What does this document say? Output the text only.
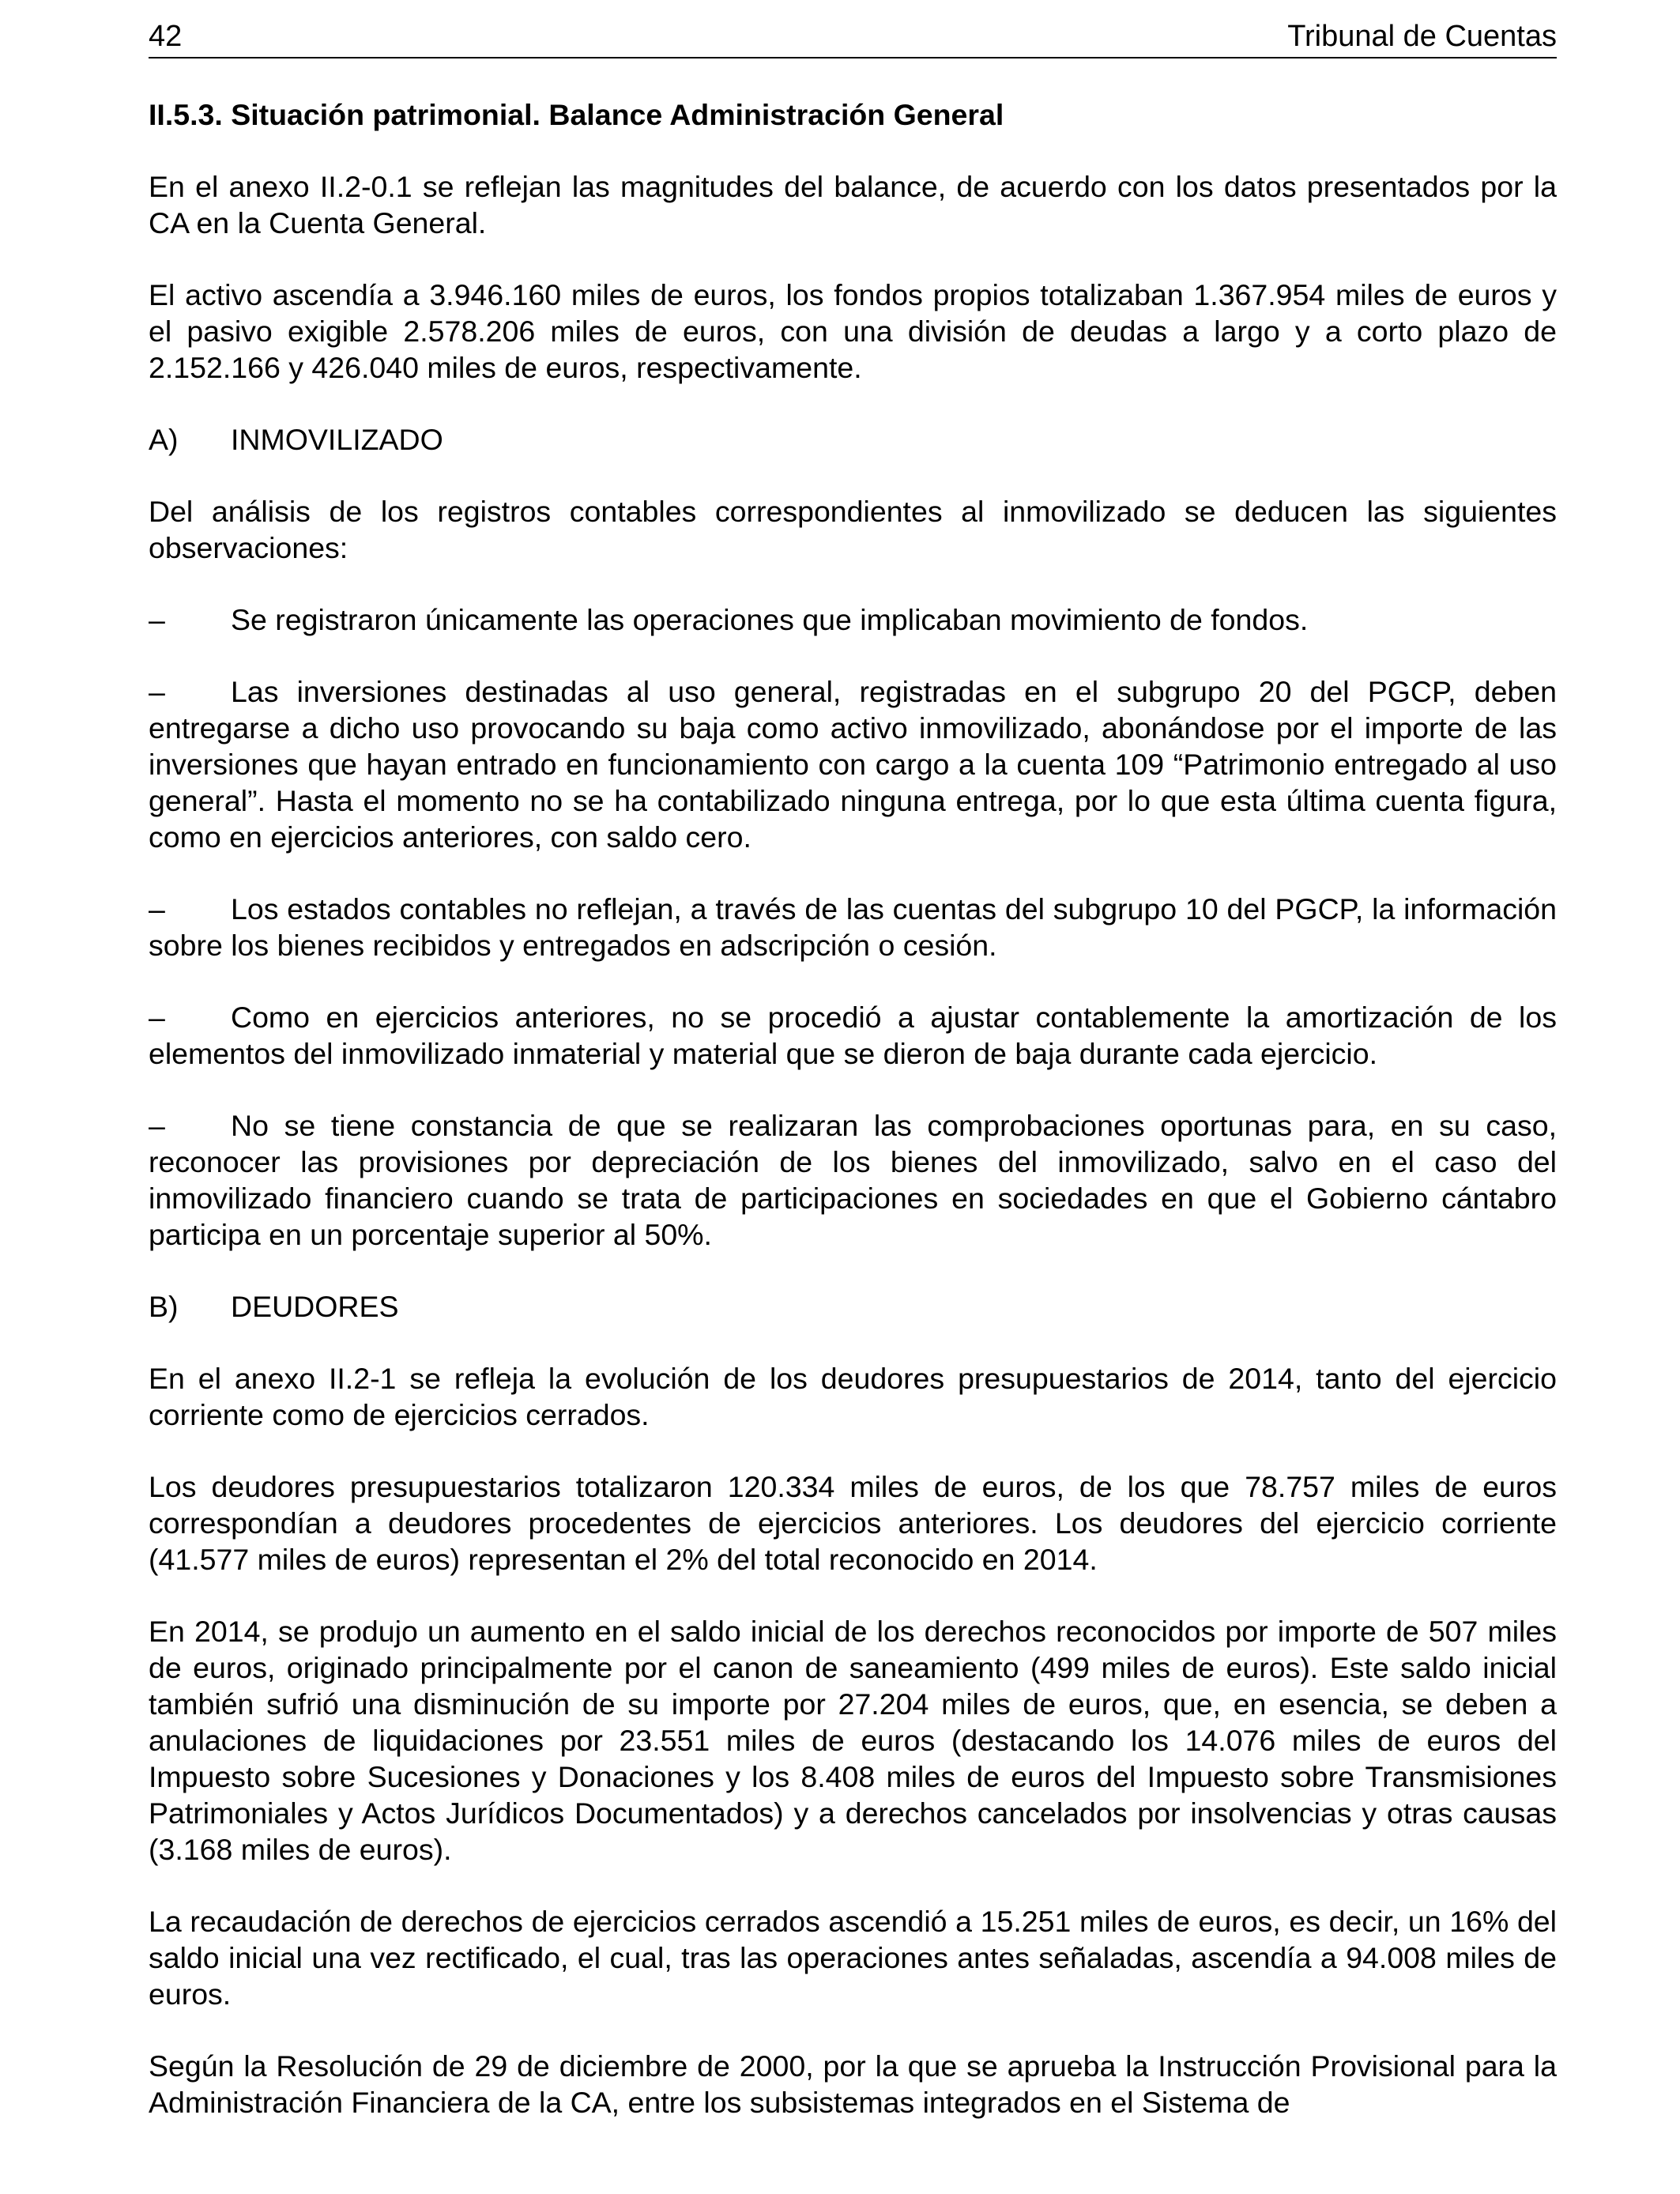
42	Tribunal de Cuentas
II.5.3. Situación patrimonial. Balance Administración General

En el anexo II.2-0.1 se reflejan las magnitudes del balance, de acuerdo con los datos presentados por la CA en la Cuenta General.

El activo ascendía a 3.946.160 miles de euros, los fondos propios totalizaban 1.367.954 miles de euros y el pasivo exigible 2.578.206 miles de euros, con una división de deudas a largo y a corto plazo de 2.152.166 y 426.040 miles de euros, respectivamente.

A) INMOVILIZADO

Del análisis de los registros contables correspondientes al inmovilizado se deducen las siguientes observaciones:

– Se registraron únicamente las operaciones que implicaban movimiento de fondos.
– Las inversiones destinadas al uso general, registradas en el subgrupo 20 del PGCP, deben entregarse a dicho uso provocando su baja como activo inmovilizado, abonándose por el importe de las inversiones que hayan entrado en funcionamiento con cargo a la cuenta 109 “Patrimonio entregado al uso general”. Hasta el momento no se ha contabilizado ninguna entrega, por lo que esta última cuenta figura, como en ejercicios anteriores, con saldo cero.
– Los estados contables no reflejan, a través de las cuentas del subgrupo 10 del PGCP, la información sobre los bienes recibidos y entregados en adscripción o cesión.
– Como en ejercicios anteriores, no se procedió a ajustar contablemente la amortización de los elementos del inmovilizado inmaterial y material que se dieron de baja durante cada ejercicio.
– No se tiene constancia de que se realizaran las comprobaciones oportunas para, en su caso, reconocer las provisiones por depreciación de los bienes del inmovilizado, salvo en el caso del inmovilizado financiero cuando se trata de participaciones en sociedades en que el Gobierno cántabro participa en un porcentaje superior al 50%.
B) DEUDORES

En el anexo II.2-1 se refleja la evolución de los deudores presupuestarios de 2014, tanto del ejercicio corriente como de ejercicios cerrados.

Los deudores presupuestarios totalizaron 120.334 miles de euros, de los que 78.757 miles de euros correspondían a deudores procedentes de ejercicios anteriores. Los deudores del ejercicio corriente (41.577 miles de euros) representan el 2% del total reconocido en 2014.

En 2014, se produjo un aumento en el saldo inicial de los derechos reconocidos por importe de 507 miles de euros, originado principalmente por el canon de saneamiento (499 miles de euros). Este saldo inicial también sufrió una disminución de su importe por 27.204 miles de euros, que, en esencia, se deben a anulaciones de liquidaciones por 23.551 miles de euros (destacando los 14.076 miles de euros del Impuesto sobre Sucesiones y Donaciones y los 8.408 miles de euros del Impuesto sobre Transmisiones Patrimoniales y Actos Jurídicos Documentados) y a derechos cancelados por insolvencias y otras causas (3.168 miles de euros).

La recaudación de derechos de ejercicios cerrados ascendió a 15.251 miles de euros, es decir, un 16% del saldo inicial una vez rectificado, el cual, tras las operaciones antes señaladas, ascendía a 94.008 miles de euros.

Según la Resolución de 29 de diciembre de 2000, por la que se aprueba la Instrucción Provisional para la Administración Financiera de la CA, entre los subsistemas integrados en el Sistema de
